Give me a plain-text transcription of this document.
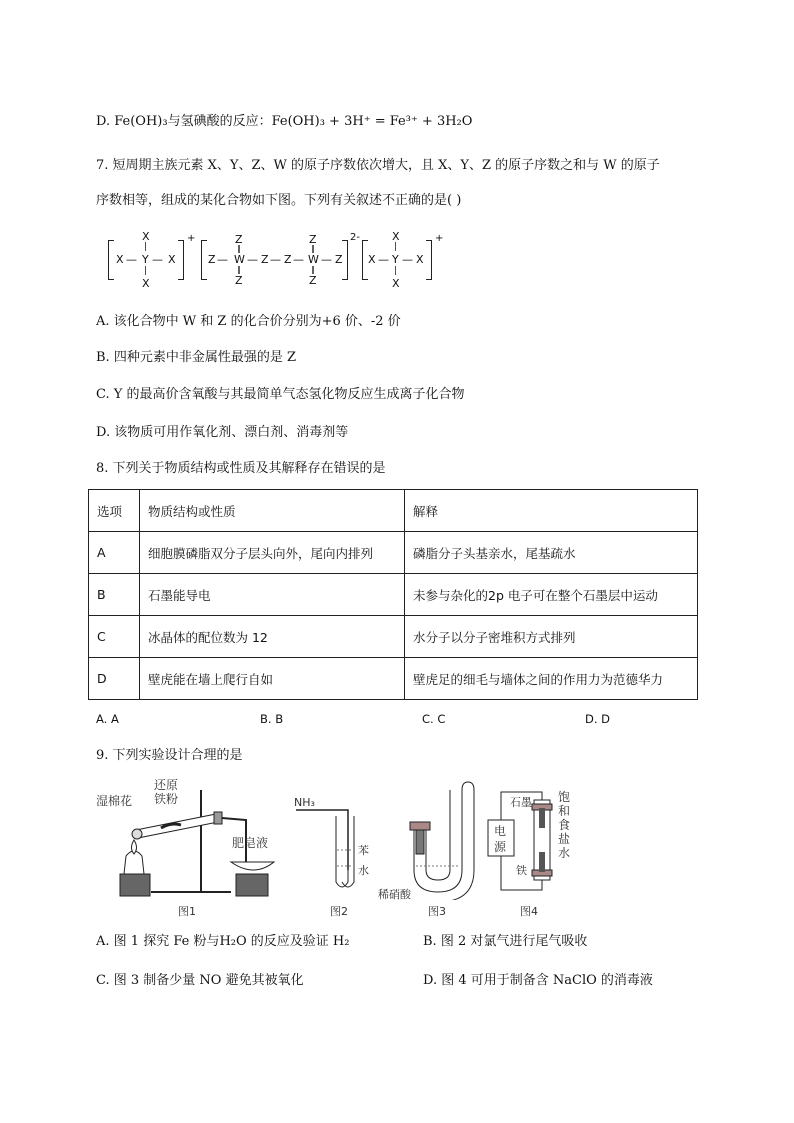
D. Fe(OH)₃与氢碘酸的反应：Fe(OH)₃ + 3H⁺ = Fe³⁺ + 3H₂O
7. 短周期主族元素 X、Y、Z、W 的原子序数依次增大，且 X、Y、Z 的原子序数之和与 W 的原子
序数相等，组成的某化合物如下图。下列有关叙述不正确的是( )
X
|
X — Y — X
|
X
+
Z —
Z
‖
W
‖
Z
— Z — Z —
Z
‖
W
‖
Z
— Z
2-	X
|
X — Y — X
|
X
+
A. 该化合物中 W 和 Z 的化合价分别为+6 价、-2 价
B. 四种元素中非金属性最强的是 Z
C. Y 的最高价含氧酸与其最简单气态氢化物反应生成离子化合物
D. 该物质可用作氧化剂、漂白剂、消毒剂等
8. 下列关于物质结构或性质及其解释存在错误的是
选项	物质结构或性质	解释
A	细胞膜磷脂双分子层头向外，尾向内排列	磷脂分子头基亲水，尾基疏水
B	石墨能导电	未参与杂化的2p 电子可在整个石墨层中运动
C	冰晶体的配位数为 12	水分子以分子密堆积方式排列
D	壁虎能在墙上爬行自如	壁虎足的细毛与墙体之间的作用力为范德华力
A. A	B. B	C. C	D. D
9. 下列实验设计合理的是
湿棉花
还原
铁粉
肥皂液
图1
NH₃
苯
水
图2
稀硝酸
图3
电
源
石墨
铁
饱和食盐水
图4
A. 图 1 探究 Fe 粉与H₂O 的反应及验证 H₂	B. 图 2 对氯气进行尾气吸收
C. 图 3 制备少量 NO 避免其被氧化	D. 图 4 可用于制备含 NaClO 的消毒液
